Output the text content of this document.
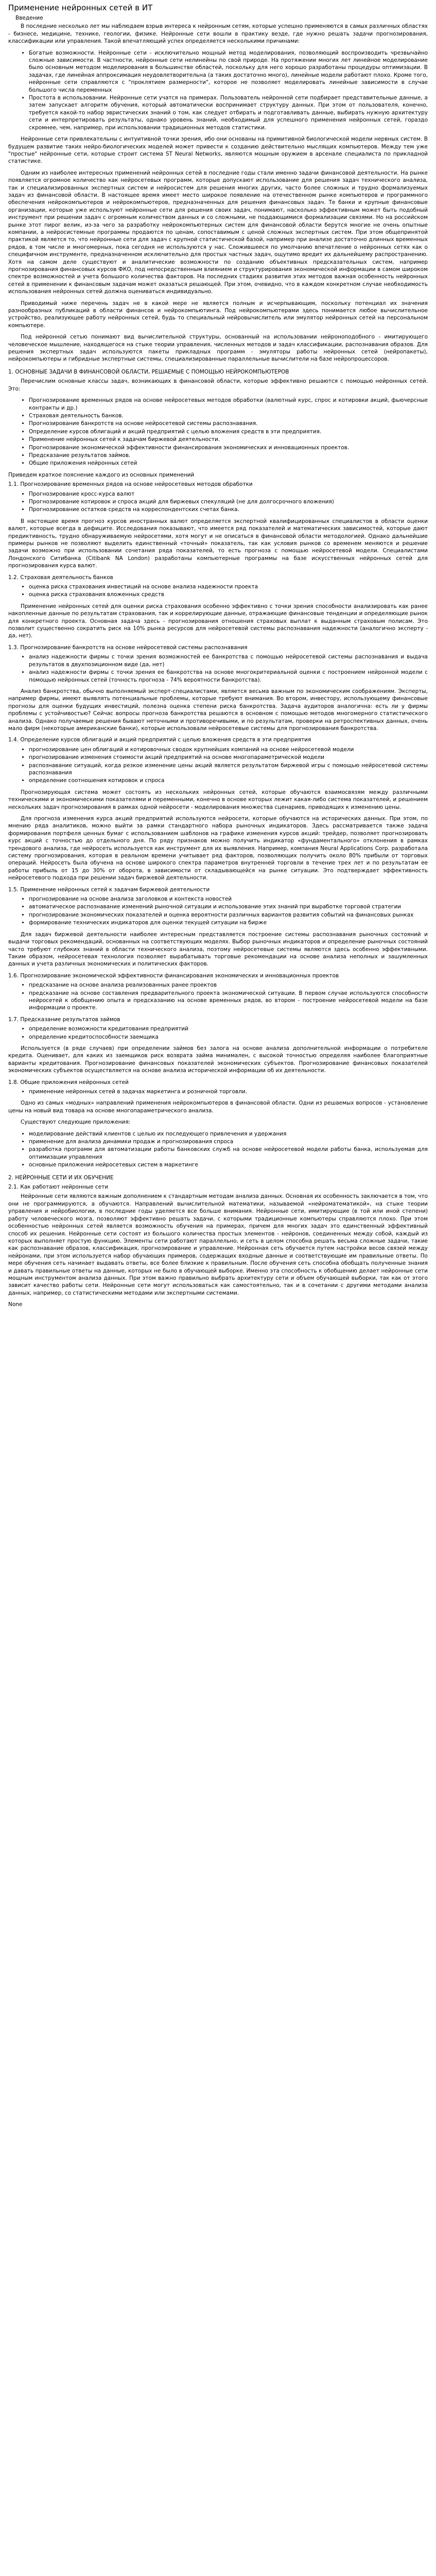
Применение нейронных сетей в ИТ
Введение

В последние несколько лет мы наблюдаем взрыв интереса к нейронным сетям, которые успешно применяются в самых различных областях - бизнесе, медицине, технике, геологии, физике. Нейронные сети вошли в практику везде, где нужно решать задачи прогнозирования, классификации или управления. Такой впечатляющий успех определяется несколькими причинами:

• Богатые возможности. Нейронные сети - исключительно мощный метод моделирования, позволяющий воспроизводить чрезвычайно сложные зависимости. В частности, нейронные сети нелинейны по свой природе. На протяжении многих лет линейное моделирование было основным методом моделирования в большинстве областей, поскольку для него хорошо разработаны процедуры оптимизации. В задачах, где линейная аппроксимация неудовлетворительна (а таких достаточно много), линейные модели работают плохо. Кроме того, нейронные сети справляются с "проклятием размерности", которое не позволяет моделировать линейные зависимости в случае большого числа переменных
• Простота в использовании. Нейронные сети учатся на примерах. Пользователь нейронной сети подбирает представительные данные, а затем запускает алгоритм обучения, который автоматически воспринимает структуру данных. При этом от пользователя, конечно, требуется какой-то набор эвристических знаний о том, как следует отбирать и подготавливать данные, выбирать нужную архитектуру сети и интерпретировать результаты, однако уровень знаний, необходимый для успешного применения нейронных сетей, гораздо скромнее, чем, например, при использовании традиционных методов статистики.

Нейронные сети привлекательны с интуитивной точки зрения, ибо они основаны на примитивной биологической модели нервных систем. В будущем развитие таких нейро-биологических моделей может привести к созданию действительно мыслящих компьютеров. Между тем уже "простые" нейронные сети, которые строит система ST Neural Networks, являются мощным оружием в арсенале специалиста по прикладной статистике.

Одним из наиболее интересных применений нейронных сетей в последние годы стали именно задачи финансовой деятельности. На рынке появляется огромное количество как нейросетевых программ, которые допускают использование для решения задач технического анализа, так и специализированных экспертных систем и нейросистем для решения многих других, часто более сложных и трудно формализуемых задач из финансовой области. В настоящее время имеет место широкое появление на отечественном рынке компьютеров и программного обеспечения нейрокомпьютеров и нейрокомпьютеров, предназначенных для решения финансовых задач. Те банки и крупные финансовые организации, которые уже используют нейронные сети для решения своих задач, понимают, насколько эффективным может быть подобный инструмент при решении задач с огромным количеством данных и со сложными, не поддающимися формализации связями. Но на российском рынке этот пирог велик, из-за чего за разработку нейрокомпьютерных систем для финансовой области берутся многие не очень опытные компании, а нейросистемные программы продаются по ценам, сопоставимым с ценой сложных экспертных систем. При этом общепринятой практикой является то, что нейронные сети для задач с крупной статистической базой, например при анализе достаточно длинных временных рядов, в том числе и многомерных, пока сегодня не используются у нас. Сложившееся по умолчанию впечатление о нейронных сетях как о специфичном инструменте, предназначенном исключительно для простых частных задач, ощутимо вредит их дальнейшему распространению. Хотя на самом деле существуют и аналитические возможности по созданию объективных предсказательных систем, например прогнозирования финансовых курсов ФКО, под непосредственным влиянием и структурирования экономической информации в самом широком спектре возможностей и учета большого количества факторов. На последних стадиях развития этих методов важная особенность нейронных сетей в применении к финансовым задачам может оказаться решающей. При этом, очевидно, что в каждом конкретном случае необходимость использования нейронных сетей должна оцениваться индивидуально.

Приводимый ниже перечень задач не в какой мере не является полным и исчерпывающим, поскольку потенциал их значения разнообразных публикаций в области финансов и нейрокомпьютинга. Под нейрокомпьютерами здесь понимается любое вычислительное устройство, реализующее работу нейронных сетей, будь то специальный нейровычислитель или эмулятор нейронных сетей на персональном компьютере.

Под нейронной сетью понимают вид вычислительной структуры, основанный на использовании нейроноподобного - имитирующего человеческое мышление, находящегося на стыке теории управления, численных методов и задач классификации, распознавания образов. Для решения экспертных задач используются пакеты прикладных программ - эмуляторы работы нейронных сетей (нейропакеты), нейрокомпьютеры и гибридные экспертные системы, специализированные параллельные вычислители на базе нейропроцессоров.

1. ОСНОВНЫЕ ЗАДАЧИ В ФИНАНСОВОЙ ОБЛАСТИ, РЕШАЕМЫЕ С ПОМОЩЬЮ НЕЙРОКОМПЬЮТЕРОВ

Перечислим основные классы задач, возникающих в финансовой области, которые эффективно решаются с помощью нейронных сетей. Это:

• Прогнозирование временных рядов на основе нейросетевых методов обработки (валютный курс, спрос и котировки акций, фьючерсные контракты и др.)
• Страховая деятельность банков.
• Прогнозирование банкротств на основе нейросетевой системы распознавания.
• Определение курсов облигаций и акций предприятий с целью вложения средств в эти предприятия.
• Применение нейронных сетей к задачам биржевой деятельности.
• Прогнозирование экономической эффективности финансирования экономических и инновационных проектов.
• Предсказание результатов займов.
• Общие приложения нейронных сетей

Приведем краткое пояснение каждого из основных применений

1.1. Прогнозирование временных рядов на основе нейросетевых методов обработки

• Прогнозирование кросс-курса валют
• Прогнозирование котировок и спроса акций для биржевых спекуляций (не для долгосрочного вложения)
• Прогнозирование остатков средств на корреспондентских счетах банка.

В настоящее время прогноз курсов иностранных валют определяется экспертной квалифицированных специалистов в области оценки валют, которые всегда в дефиците. Исследования показывают, что имеется ряд показателей и математических зависимостей, которые дают предиктивность, трудно обнаруживаемую нейросетями, хотя могут и не описаться в финансовой области методологией. Однако дальнейшие примеры рынков не позволяют выделить единственный «точный» показатель, так как условия рынков со временем меняются и решение задачи возможно при использовании сочетания ряда показателей, то есть прогноза с помощью нейросетевой модели. Специалистами Лондонского Ситибанка (Citibank NA London) разработаны компьютерные программы на базе искусственных нейронных сетей для прогнозирования курса валют.

1.2. Страховая деятельность банков

• оценка риска страхования инвестиций на основе анализа надежности проекта
• оценка риска страхования вложенных средств

Применение нейронных сетей для оценки риска страхования особенно эффективно с точки зрения способности анализировать как ранее накопленные данные по результатам страхования, так и коррелирующие данные, отражающие финансовые тенденции и определяющие рынок для конкретного проекта. Основная задача здесь - прогнозирования отношения страховых выплат к выданным страховым полисам. Это позволит существенно сократить риск на 10% рынка ресурсов для нейросетевой системы распознавания надежности (аналогично эксперту - да, нет).

1.3. Прогнозирование банкротств на основе нейросетевой системы распознавания

• анализ надежности фирмы с точки зрения возможностей ее банкротства с помощью нейросетевой системы распознавания и выдача результатов в двухпозиционном виде (да, нет)
• анализ надежности фирмы с точки зрения ее банкротства на основе многокритериальной оценки с построением нейронной модели с помощью нейронных сетей (точность прогноза - 74% вероятности банкротства).

Анализ банкротства, обычно выполняемый эксперт-специалистами, является весьма важным по экономическим соображениям. Эксперты, например фирмы, имеют выявлять потенциальные проблемы, которые требуют внимания. Во втором, инвестору, использующему финансовые прогнозы для оценки будущих инвестиций, полезна оценка степени риска банкротства. Задача аудиторов аналогична: есть ли у фирмы проблемы с устойчивостью? Сейчас вопросы прогноза банкротства решаются в основном с помощью методов многомерного статистического анализа. Однако получаемые решения бывают неточными и противоречивыми, и по результатам, проверки на ретроспективных данных, очень мало фирм (некоторые американские банки), которые использовали нейросетевые системы для прогнозирования банкротства.

1.4. Определение курсов облигаций и акций предприятий с целью вложения средств в эти предприятия

• прогнозирование цен облигаций и котировочных сводок крупнейших компаний на основе нейросетевой модели
• прогнозирование изменения стоимости акций предприятий на основе многопараметрической модели
• распознавание ситуаций, когда резкое изменение цены акций является результатом биржевой игры с помощью нейросетевой системы распознавания
• определение соотношения котировок и спроса

Прогнозирующая система может состоять из нескольких нейронных сетей, которые обучаются взаимосвязям между различными техническими и экономическими показателями и переменными, конечно в основе которых лежит какая-либо система показателей, и решением нескольких задач прогнозирования в рамках одной нейросети - моделирования множества сценариев, приводящих к изменению цены.

Для прогноза изменения курса акций предприятий используются нейросети, которые обучаются на исторических данных. При этом, по мнению ряда аналитиков, можно выйти за рамки стандартного набора рыночных индикаторов. Здесь рассматривается также задача формирования портфеля ценных бумаг с использованием шаблонов на графике изменения курсов акций: трейдер, позволяет прогнозировать курс акций с точностью до отдельного дня. По ряду признаков можно получить индикатор «фундаментального» отклонения в рамках трендового анализа, где нейросеть используется как инструмент для их выявления. Например, компания Neural Applications Corp. разработала систему прогнозирования, которая в реальном времени учитывает ряд факторов, позволяющих получить около 80% прибыли от торговых операций. Нейросеть была обучена на основе широкого спектра параметров внутренней торговли в течение трех лет и по результатам ее работы прибыль от 15 до 30% от оборота, в зависимости от складывающейся на рынке ситуации. Это подтверждает эффективность нейросетевого подхода при решении задач биржевой деятельности.

1.5. Применение нейронных сетей к задачам биржевой деятельности

• прогнозирование на основе анализа заголовков и контекста новостей
• автоматическое распознавание изменений рыночной ситуации и использование этих знаний при выработке торговой стратегии
• прогнозирование экономических показателей и оценка вероятности различных вариантов развития событий на финансовых рынках
• формирование технических индикаторов для оценки текущей ситуации на бирже

Для задач биржевой деятельности наиболее интересным представляется построение системы распознавания рыночных состояний и выдачи торговых рекомендаций, основанных на соответствующих моделях. Выбор рыночных индикаторов и определение рыночных состояний часто требуют глубоких знаний в области технического анализа, поэтому нейросетевые системы являются здесь особенно эффективными. Таким образом, нейросетевая технология позволяет вырабатывать торговые рекомендации на основе анализа неполных и зашумленных данных и учета различных экономических и политических факторов.

1.6. Прогнозирование экономической эффективности финансирования экономических и инновационных проектов

• предсказание на основе анализа реализованных ранее проектов
• предсказание на основе составления предварительного проекта экономической ситуации. В первом случае используются способности нейросетей к обобщению опыта и предсказанию на основе временных рядов, во втором - построение нейросетевой модели на базе информации о проекте.

1.7. Предсказание результатов займов

• определение возможности кредитования предприятий
• определение кредитоспособности заемщика

Используется (в ряде случаев) при определении займов без залога на основе анализа дополнительной информации о потребителе кредита. Оценивает, для каких из заемщиков риск возврата займа минимален, с высокой точностью определяя наиболее благоприятные варианты кредитования. Прогнозирование финансовых показателей экономических субъектов. Прогнозирование финансовых показателей экономических субъектов осуществляется на основе анализа исторической информации об их деятельности.

1.8. Общие приложения нейронных сетей

• применение нейронных сетей в задачах маркетинга и розничной торговли.

Одно из самых «модных» направлений применения нейрокомпьютеров в финансовой области. Одни из решаемых вопросов - установление цены на новый вид товара на основе многопараметрического анализа.

Существуют следующие приложения:

• моделирование действий клиентов с целью их последующего привлечения и удержания
• применение для анализа динамики продаж и прогнозирования спроса
• разработка программ для автоматизации работы банковских служб на основе нейросетевой модели работы банка, используемая для оптимизации управления
• основные приложения нейросетевых систем в маркетинге
2. НЕЙРОННЫЕ СЕТИ И ИХ ОБУЧЕНИЕ

2.1. Как работают нейронные сети

Нейронные сети являются важным дополнением к стандартным методам анализа данных. Основная их особенность заключается в том, что они не программируются, а обучаются. Направлений вычислительной математики, называемой «нейроматематикой», на стыке теории управления и нейробиологии, в последние годы уделяется все больше внимания. Нейронные сети, имитирующие (в той или иной степени) работу человеческого мозга, позволяют эффективно решать задачи, с которыми традиционные компьютеры справляются плохо. При этом особенностью нейронных сетей является возможность обучения на примерах, причем для многих задач это единственный эффективный способ их решения. Нейронные сети состоят из большого количества простых элементов - нейронов, соединенных между собой, каждый из которых выполняет простую функцию. Элементы сети работают параллельно, и сеть в целом способна решать весьма сложные задачи, такие как распознавание образов, классификация, прогнозирование и управление. Нейронная сеть обучается путем настройки весов связей между нейронами, при этом используется набор обучающих примеров, содержащих входные данные и соответствующие им правильные ответы. По мере обучения сеть начинает выдавать ответы, все более близкие к правильным. После обучения сеть способна обобщать полученные знания и давать правильные ответы на данные, которых не было в обучающей выборке. Именно эта способность к обобщению делает нейронные сети мощным инструментом анализа данных. При этом важно правильно выбрать архитектуру сети и объем обучающей выборки, так как от этого зависит качество работы сети. Нейронные сети могут использоваться как самостоятельно, так и в сочетании с другими методами анализа данных, например, со статистическими методами или экспертными системами.

None
